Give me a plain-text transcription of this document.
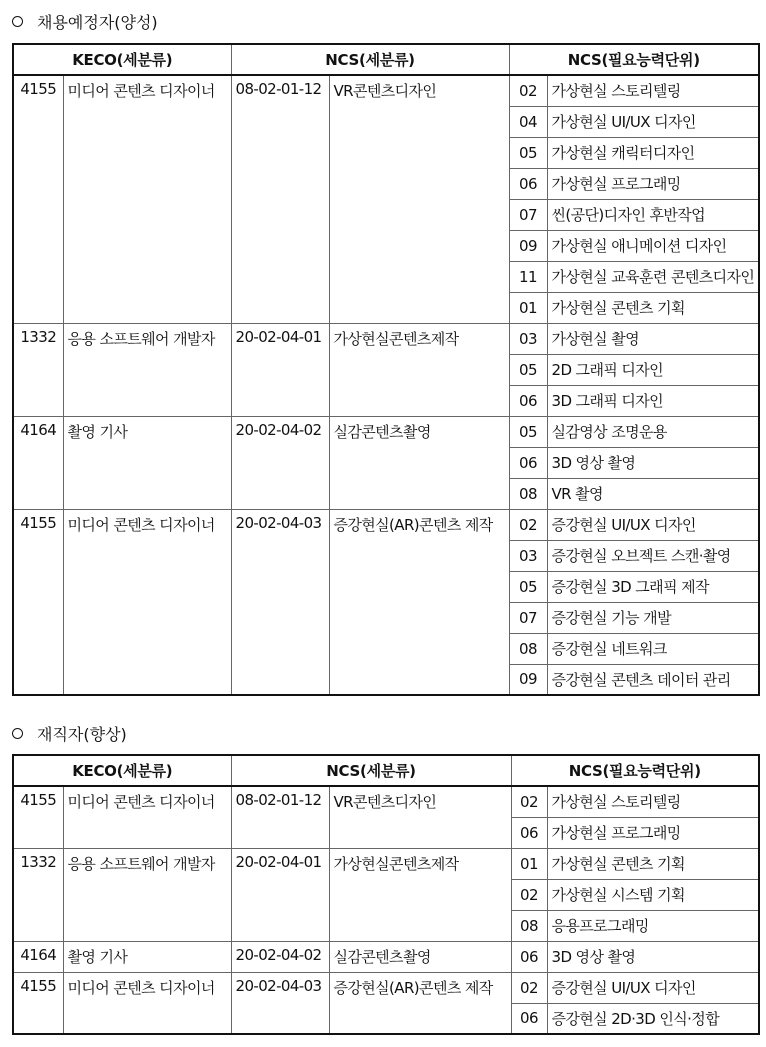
채용예정자(양성)
KECO(세분류)		NCS(세분류)		NCS(필요능력단위)	
4155	미디어 콘텐츠 디자이너	08-02-01-12	VR콘텐츠디자인	02	가상현실 스토리텔링
				04	가상현실 UI/UX 디자인
				05	가상현실 캐릭터디자인
				06	가상현실 프로그래밍
				07	씬(공단)디자인 후반작업
				09	가상현실 애니메이션 디자인
				11	가상현실 교육훈련 콘텐츠디자인
				01	가상현실 콘텐츠 기획
1332	응용 소프트웨어 개발자	20-02-04-01	가상현실콘텐츠제작	03	가상현실 촬영
				05	2D 그래픽 디자인
				06	3D 그래픽 디자인
4164	촬영 기사	20-02-04-02	실감콘텐츠촬영	05	실감영상 조명운용
				06	3D 영상 촬영
				08	VR 촬영
4155	미디어 콘텐츠 디자이너	20-02-04-03	증강현실(AR)콘텐츠 제작	02	증강현실 UI/UX 디자인
				03	증강현실 오브젝트 스캔·촬영
				05	증강현실 3D 그래픽 제작
				07	증강현실 기능 개발
				08	증강현실 네트워크
				09	증강현실 콘텐츠 데이터 관리
재직자(향상)
KECO(세분류)		NCS(세분류)		NCS(필요능력단위)	
4155	미디어 콘텐츠 디자이너	08-02-01-12	VR콘텐츠디자인	02	가상현실 스토리텔링
				06	가상현실 프로그래밍
1332	응용 소프트웨어 개발자	20-02-04-01	가상현실콘텐츠제작	01	가상현실 콘텐츠 기획
				02	가상현실 시스템 기획
				08	응용프로그래밍
4164	촬영 기사	20-02-04-02	실감콘텐츠촬영	06	3D 영상 촬영
4155	미디어 콘텐츠 디자이너	20-02-04-03	증강현실(AR)콘텐츠 제작	02	증강현실 UI/UX 디자인
				06	증강현실 2D·3D 인식·정합
